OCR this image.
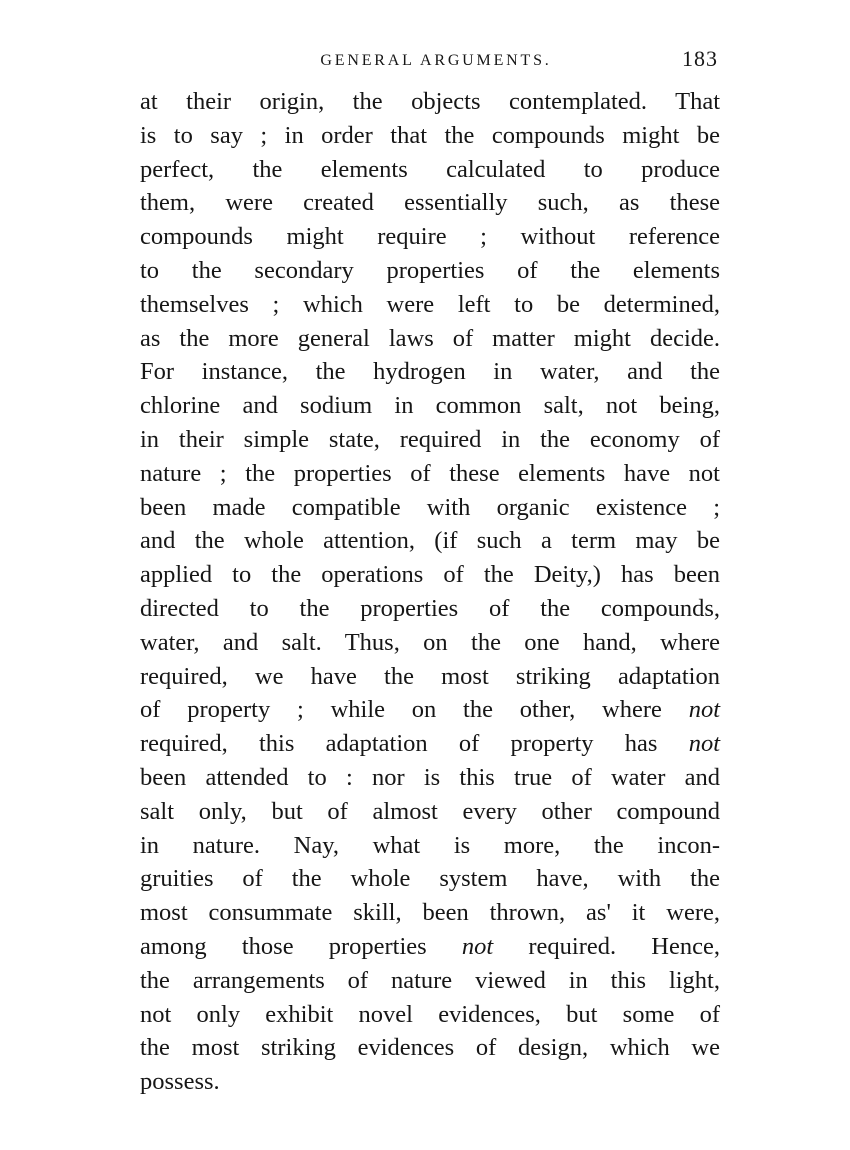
GENERAL ARGUMENTS.	183
at their origin, the objects contemplated. That
is to say ; in order that the compounds might be
perfect, the elements calculated to produce
them, were created essentially such, as these
compounds might require ; without reference
to the secondary properties of the elements
themselves ; which were left to be determined,
as the more general laws of matter might decide.
For instance, the hydrogen in water, and the
chlorine and sodium in common salt, not being,
in their simple state, required in the economy of
nature ; the properties of these elements have not
been made compatible with organic existence ;
and the whole attention, (if such a term may be
applied to the operations of the Deity,) has been
directed to the properties of the compounds,
water, and salt. Thus, on the one hand, where
required, we have the most striking adaptation
of property ; while on the other, where not
required, this adaptation of property has not
been attended to : nor is this true of water and
salt only, but of almost every other compound
in nature. Nay, what is more, the incon-
gruities of the whole system have, with the
most consummate skill, been thrown, as' it were,
among those properties not required. Hence,
the arrangements of nature viewed in this light,
not only exhibit novel evidences, but some of
the most striking evidences of design, which we
possess.
